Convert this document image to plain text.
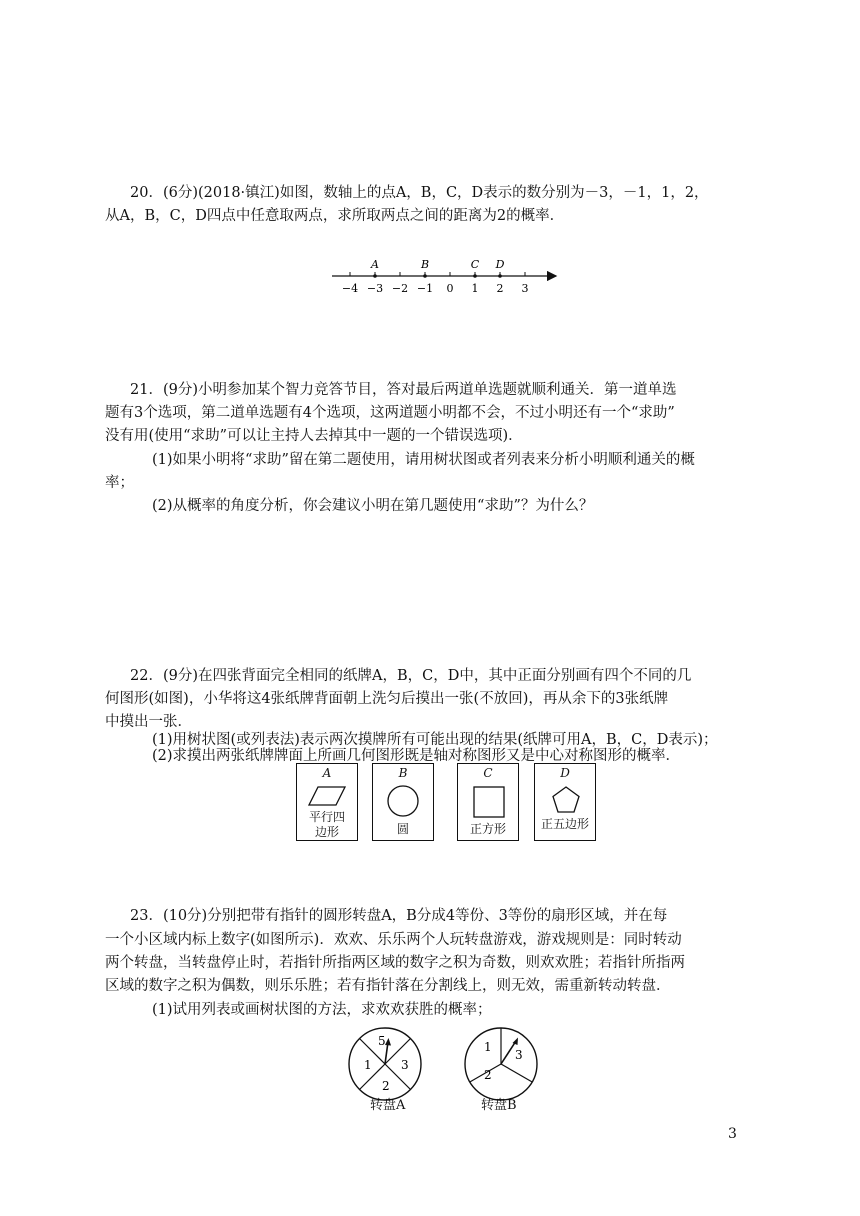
20．(6分)(2018·镇江)如图，数轴上的点A，B，C，D表示的数分别为－3，－1，1，2，
从A，B，C，D四点中任意取两点，求所取两点之间的距离为2的概率．
−4 −3 −2 −1 0 1 2 3
A	B	C D
21．(9分)小明参加某个智力竞答节目，答对最后两道单选题就顺利通关．第一道单选
题有3个选项，第二道单选题有4个选项，这两道题小明都不会，不过小明还有一个“求助”
没有用(使用“求助”可以让主持人去掉其中一题的一个错误选项)．
(1)如果小明将“求助”留在第二题使用，请用树状图或者列表来分析小明顺利通关的概
率；
(2)从概率的角度分析，你会建议小明在第几题使用“求助”？为什么？
22．(9分)在四张背面完全相同的纸牌A，B，C，D中，其中正面分别画有四个不同的几
何图形(如图)，小华将这4张纸牌背面朝上洗匀后摸出一张(不放回)，再从余下的3张纸牌
中摸出一张．
(1)用树状图(或列表法)表示两次摸牌所有可能出现的结果(纸牌可用A，B，C，D表示)；
(2)求摸出两张纸牌牌面上所画几何图形既是轴对称图形又是中心对称图形的概率．
A
平行四
边形
B
圆
C
正方形
D
正五边形
23．(10分)分别把带有指针的圆形转盘A，B分成4等份、3等份的扇形区域，并在每
一个小区域内标上数字(如图所示)．欢欢、乐乐两个人玩转盘游戏，游戏规则是：同时转动
两个转盘，当转盘停止时，若指针所指两区域的数字之积为奇数，则欢欢胜；若指针所指两
区域的数字之积为偶数，则乐乐胜；若有指针落在分割线上，则无效，需重新转动转盘．
(1)试用列表或画树状图的方法，求欢欢获胜的概率；
5
1 3
2
转盘A
1
3
2
转盘B
3
